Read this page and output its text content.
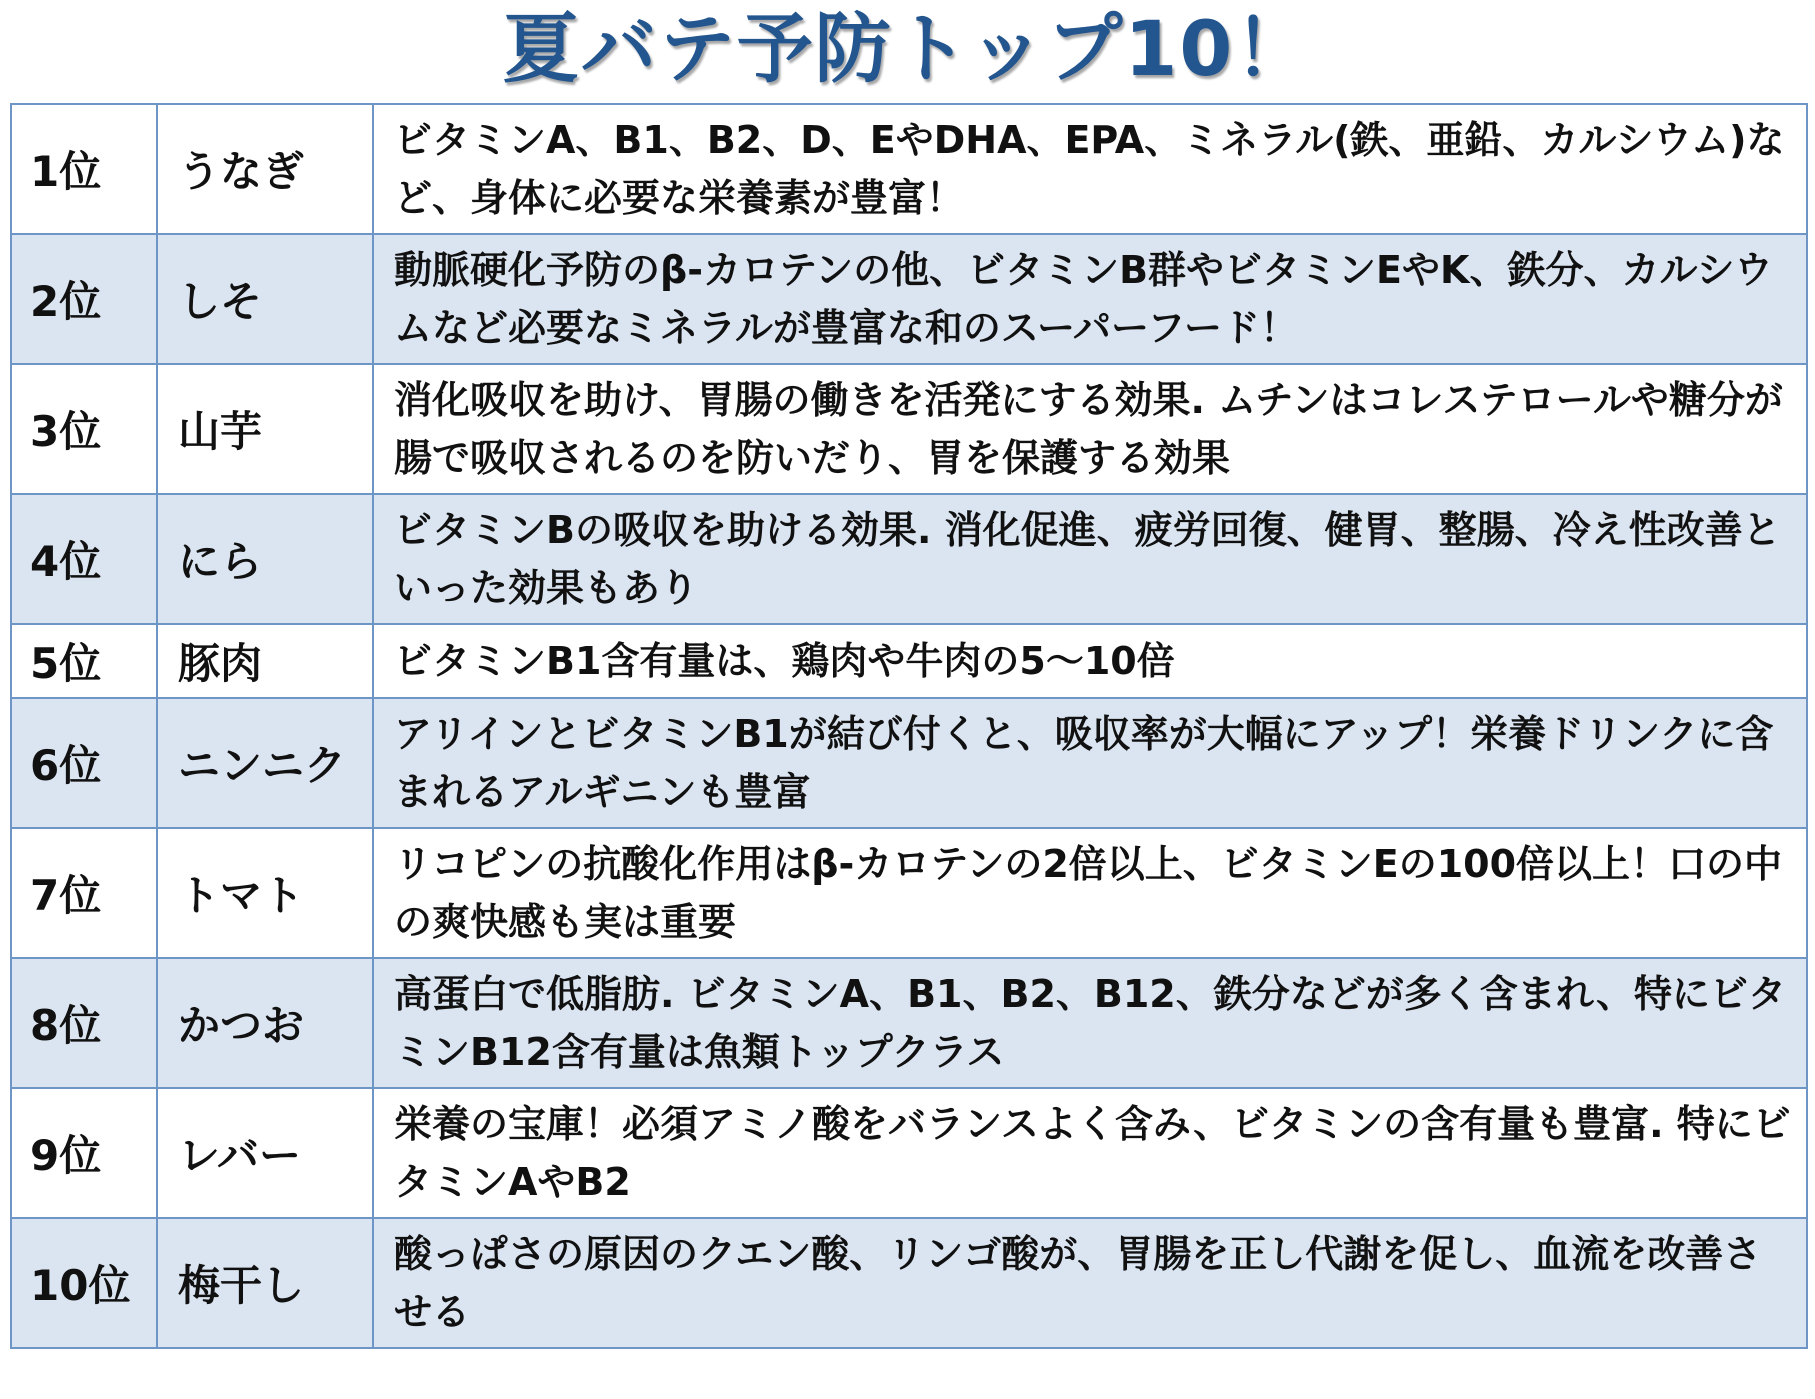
夏バテ予防トップ10！
1位	うなぎ	ビタミンA、B1、B2、D、EやDHA、EPA、ミネラル(鉄、亜鉛、カルシウム)など、身体に必要な栄養素が豊富！
2位	しそ	動脈硬化予防のβ-カロテンの他、ビタミンB群やビタミンEやK、鉄分、カルシウムなど必要なミネラルが豊富な和のスーパーフード！
3位	山芋	消化吸収を助け、胃腸の働きを活発にする効果. ムチンはコレステロールや糖分が腸で吸収されるのを防いだり、胃を保護する効果
4位	にら	ビタミンBの吸収を助ける効果. 消化促進、疲労回復、健胃、整腸、冷え性改善といった効果もあり
5位	豚肉	ビタミンB1含有量は、鶏肉や牛肉の5～10倍
6位	ニンニク	アリインとビタミンB1が結び付くと、吸収率が大幅にアップ！栄養ドリンクに含まれるアルギニンも豊富
7位	トマト	リコピンの抗酸化作用はβ-カロテンの2倍以上、ビタミンEの100倍以上！口の中の爽快感も実は重要
8位	かつお	高蛋白で低脂肪. ビタミンA、B1、B2、B12、鉄分などが多く含まれ、特にビタミンB12含有量は魚類トップクラス
9位	レバー	栄養の宝庫！必須アミノ酸をバランスよく含み、ビタミンの含有量も豊富. 特にビタミンAやB2
10位	梅干し	酸っぱさの原因のクエン酸、リンゴ酸が、胃腸を正し代謝を促し、血流を改善させる
